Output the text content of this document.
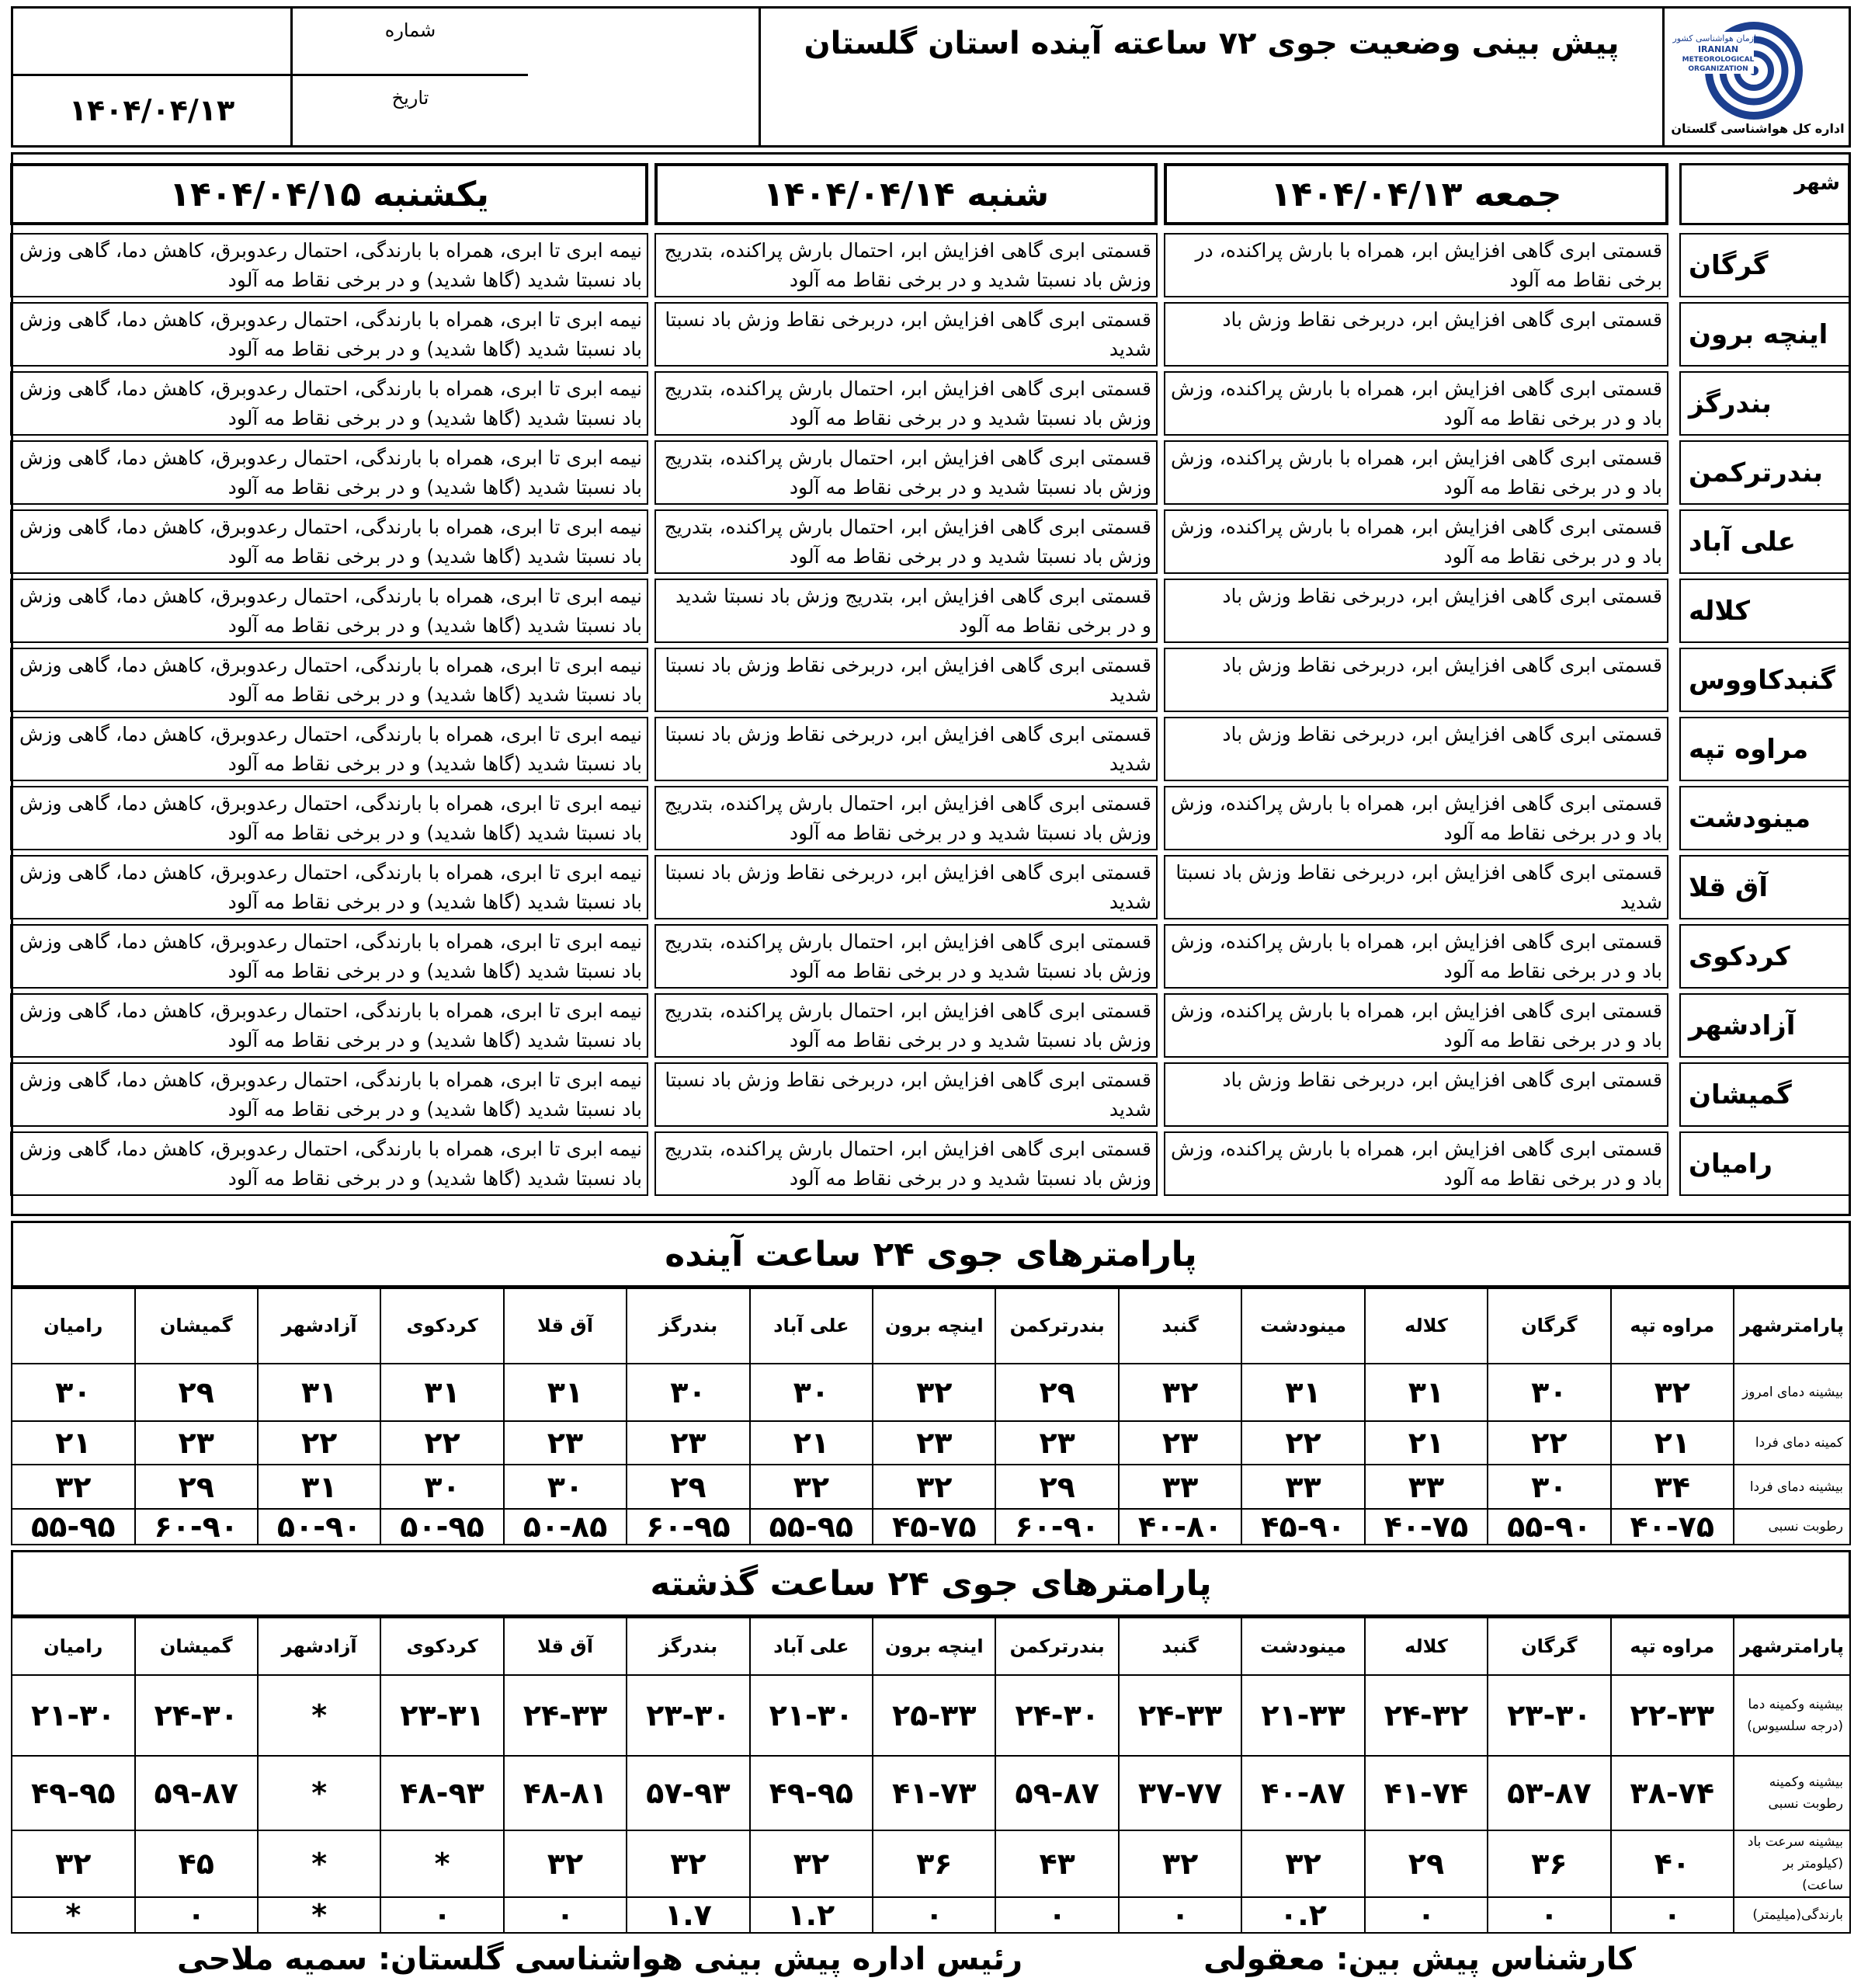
سازمان هواشناسی کشور
IRANIAN
METEOROLOGICAL
ORGANIZATION
اداره کل هواشناسی گلستان
پیش بینی وضعیت جوی ۷۲ ساعته آینده استان گلستان
شماره
تاریخ
۱۴۰۴/۰۴/۱۳
شهر
جمعه ۱۴۰۴/۰۴/۱۳
شنبه ۱۴۰۴/۰۴/۱۴
یکشنبه ۱۴۰۴/۰۴/۱۵
گرگان
قسمتی ابری گاهی افزایش ابر، همراه با بارش پراکنده، در برخی نقاط مه آلود
قسمتی ابری گاهی افزایش ابر، احتمال بارش پراکنده، بتدریج وزش باد نسبتا شدید و در برخی نقاط مه آلود
نیمه ابری تا ابری، همراه با بارندگی، احتمال رعدوبرق، کاهش دما، گاهی وزش باد نسبتا شدید (گاها شدید) و در برخی نقاط مه آلود
اینچه برون
قسمتی ابری گاهی افزایش ابر، دربرخی نقاط وزش باد
قسمتی ابری گاهی افزایش ابر، دربرخی نقاط وزش باد نسبتا شدید
نیمه ابری تا ابری، همراه با بارندگی، احتمال رعدوبرق، کاهش دما، گاهی وزش باد نسبتا شدید (گاها شدید) و در برخی نقاط مه آلود
بندرگز
قسمتی ابری گاهی افزایش ابر، همراه با بارش پراکنده، وزش باد و در برخی نقاط مه آلود
قسمتی ابری گاهی افزایش ابر، احتمال بارش پراکنده، بتدریج وزش باد نسبتا شدید و در برخی نقاط مه آلود
نیمه ابری تا ابری، همراه با بارندگی، احتمال رعدوبرق، کاهش دما، گاهی وزش باد نسبتا شدید (گاها شدید) و در برخی نقاط مه آلود
بندرترکمن
قسمتی ابری گاهی افزایش ابر، همراه با بارش پراکنده، وزش باد و در برخی نقاط مه آلود
قسمتی ابری گاهی افزایش ابر، احتمال بارش پراکنده، بتدریج وزش باد نسبتا شدید و در برخی نقاط مه آلود
نیمه ابری تا ابری، همراه با بارندگی، احتمال رعدوبرق، کاهش دما، گاهی وزش باد نسبتا شدید (گاها شدید) و در برخی نقاط مه آلود
علی آباد
قسمتی ابری گاهی افزایش ابر، همراه با بارش پراکنده، وزش باد و در برخی نقاط مه آلود
قسمتی ابری گاهی افزایش ابر، احتمال بارش پراکنده، بتدریج وزش باد نسبتا شدید و در برخی نقاط مه آلود
نیمه ابری تا ابری، همراه با بارندگی، احتمال رعدوبرق، کاهش دما، گاهی وزش باد نسبتا شدید (گاها شدید) و در برخی نقاط مه آلود
کلاله
قسمتی ابری گاهی افزایش ابر، دربرخی نقاط وزش باد
قسمتی ابری گاهی افزایش ابر، بتدریج وزش باد نسبتا شدید و در برخی نقاط مه آلود
نیمه ابری تا ابری، همراه با بارندگی، احتمال رعدوبرق، کاهش دما، گاهی وزش باد نسبتا شدید (گاها شدید) و در برخی نقاط مه آلود
گنبدکاووس
قسمتی ابری گاهی افزایش ابر، دربرخی نقاط وزش باد
قسمتی ابری گاهی افزایش ابر، دربرخی نقاط وزش باد نسبتا شدید
نیمه ابری تا ابری، همراه با بارندگی، احتمال رعدوبرق، کاهش دما، گاهی وزش باد نسبتا شدید (گاها شدید) و در برخی نقاط مه آلود
مراوه تپه
قسمتی ابری گاهی افزایش ابر، دربرخی نقاط وزش باد
قسمتی ابری گاهی افزایش ابر، دربرخی نقاط وزش باد نسبتا شدید
نیمه ابری تا ابری، همراه با بارندگی، احتمال رعدوبرق، کاهش دما، گاهی وزش باد نسبتا شدید (گاها شدید) و در برخی نقاط مه آلود
مینودشت
قسمتی ابری گاهی افزایش ابر، همراه با بارش پراکنده، وزش باد و در برخی نقاط مه آلود
قسمتی ابری گاهی افزایش ابر، احتمال بارش پراکنده، بتدریج وزش باد نسبتا شدید و در برخی نقاط مه آلود
نیمه ابری تا ابری، همراه با بارندگی، احتمال رعدوبرق، کاهش دما، گاهی وزش باد نسبتا شدید (گاها شدید) و در برخی نقاط مه آلود
آق قلا
قسمتی ابری گاهی افزایش ابر، دربرخی نقاط وزش باد نسبتا شدید
قسمتی ابری گاهی افزایش ابر، دربرخی نقاط وزش باد نسبتا شدید
نیمه ابری تا ابری، همراه با بارندگی، احتمال رعدوبرق، کاهش دما، گاهی وزش باد نسبتا شدید (گاها شدید) و در برخی نقاط مه آلود
کردکوی
قسمتی ابری گاهی افزایش ابر، همراه با بارش پراکنده، وزش باد و در برخی نقاط مه آلود
قسمتی ابری گاهی افزایش ابر، احتمال بارش پراکنده، بتدریج وزش باد نسبتا شدید و در برخی نقاط مه آلود
نیمه ابری تا ابری، همراه با بارندگی، احتمال رعدوبرق، کاهش دما، گاهی وزش باد نسبتا شدید (گاها شدید) و در برخی نقاط مه آلود
آزادشهر
قسمتی ابری گاهی افزایش ابر، همراه با بارش پراکنده، وزش باد و در برخی نقاط مه آلود
قسمتی ابری گاهی افزایش ابر، احتمال بارش پراکنده، بتدریج وزش باد نسبتا شدید و در برخی نقاط مه آلود
نیمه ابری تا ابری، همراه با بارندگی، احتمال رعدوبرق، کاهش دما، گاهی وزش باد نسبتا شدید (گاها شدید) و در برخی نقاط مه آلود
گمیشان
قسمتی ابری گاهی افزایش ابر، دربرخی نقاط وزش باد
قسمتی ابری گاهی افزایش ابر، دربرخی نقاط وزش باد نسبتا شدید
نیمه ابری تا ابری، همراه با بارندگی، احتمال رعدوبرق، کاهش دما، گاهی وزش باد نسبتا شدید (گاها شدید) و در برخی نقاط مه آلود
رامیان
قسمتی ابری گاهی افزایش ابر، همراه با بارش پراکنده، وزش باد و در برخی نقاط مه آلود
قسمتی ابری گاهی افزایش ابر، احتمال بارش پراکنده، بتدریج وزش باد نسبتا شدید و در برخی نقاط مه آلود
نیمه ابری تا ابری، همراه با بارندگی، احتمال رعدوبرق، کاهش دما، گاهی وزش باد نسبتا شدید (گاها شدید) و در برخی نقاط مه آلود
پارامترهای جوی ۲۴ ساعت آینده
پارامترشهر	مراوه تپه	گرگان	کلاله	مینودشت	گنبد	بندرترکمن	اینچه برون	علی آباد	بندرگز	آق قلا	کردکوی	آزادشهر	گمیشان	رامیان
بیشینه دمای امروز	۳۲	۳۰	۳۱	۳۱	۳۲	۲۹	۳۲	۳۰	۳۰	۳۱	۳۱	۳۱	۲۹	۳۰
کمینه دمای فردا	۲۱	۲۲	۲۱	۲۲	۲۳	۲۳	۲۳	۲۱	۲۳	۲۳	۲۲	۲۲	۲۳	۲۱
بیشینه دمای فردا	۳۴	۳۰	۳۳	۳۳	۳۳	۲۹	۳۲	۳۲	۲۹	۳۰	۳۰	۳۱	۲۹	۳۲
رطوبت نسبی	۴۰-۷۵	۵۵-۹۰	۴۰-۷۵	۴۵-۹۰	۴۰-۸۰	۶۰-۹۰	۴۵-۷۵	۵۵-۹۵	۶۰-۹۵	۵۰-۸۵	۵۰-۹۵	۵۰-۹۰	۶۰-۹۰	۵۵-۹۵
پارامترهای جوی ۲۴ ساعت گذشته
پارامترشهر	مراوه تپه	گرگان	کلاله	مینودشت	گنبد	بندرترکمن	اینچه برون	علی آباد	بندرگز	آق قلا	کردکوی	آزادشهر	گمیشان	رامیان
بیشینه وکمینه دما (درجه سلسیوس)	۲۲-۳۳	۲۳-۳۰	۲۴-۳۲	۲۱-۳۳	۲۴-۳۳	۲۴-۳۰	۲۵-۳۳	۲۱-۳۰	۲۳-۳۰	۲۴-۳۳	۲۳-۳۱	*	۲۴-۳۰	۲۱-۳۰
بیشینه وکمینه رطوبت نسبی	۳۸-۷۴	۵۳-۸۷	۴۱-۷۴	۴۰-۸۷	۳۷-۷۷	۵۹-۸۷	۴۱-۷۳	۴۹-۹۵	۵۷-۹۳	۴۸-۸۱	۴۸-۹۳	*	۵۹-۸۷	۴۹-۹۵
بیشینه سرعت باد (کیلومتر بر ساعت)	۴۰	۳۶	۲۹	۳۲	۳۲	۴۳	۳۶	۳۲	۳۲	۳۲	*	*	۴۵	۳۲
بارندگی(میلیمتر)	۰	۰	۰	۰.۲	۰	۰	۰	۱.۲	۱.۷	۰	۰	*	۰	*
کارشناس پیش بین: معقولی
رئیس اداره پیش بینی هواشناسی گلستان: سمیه ملاحی
